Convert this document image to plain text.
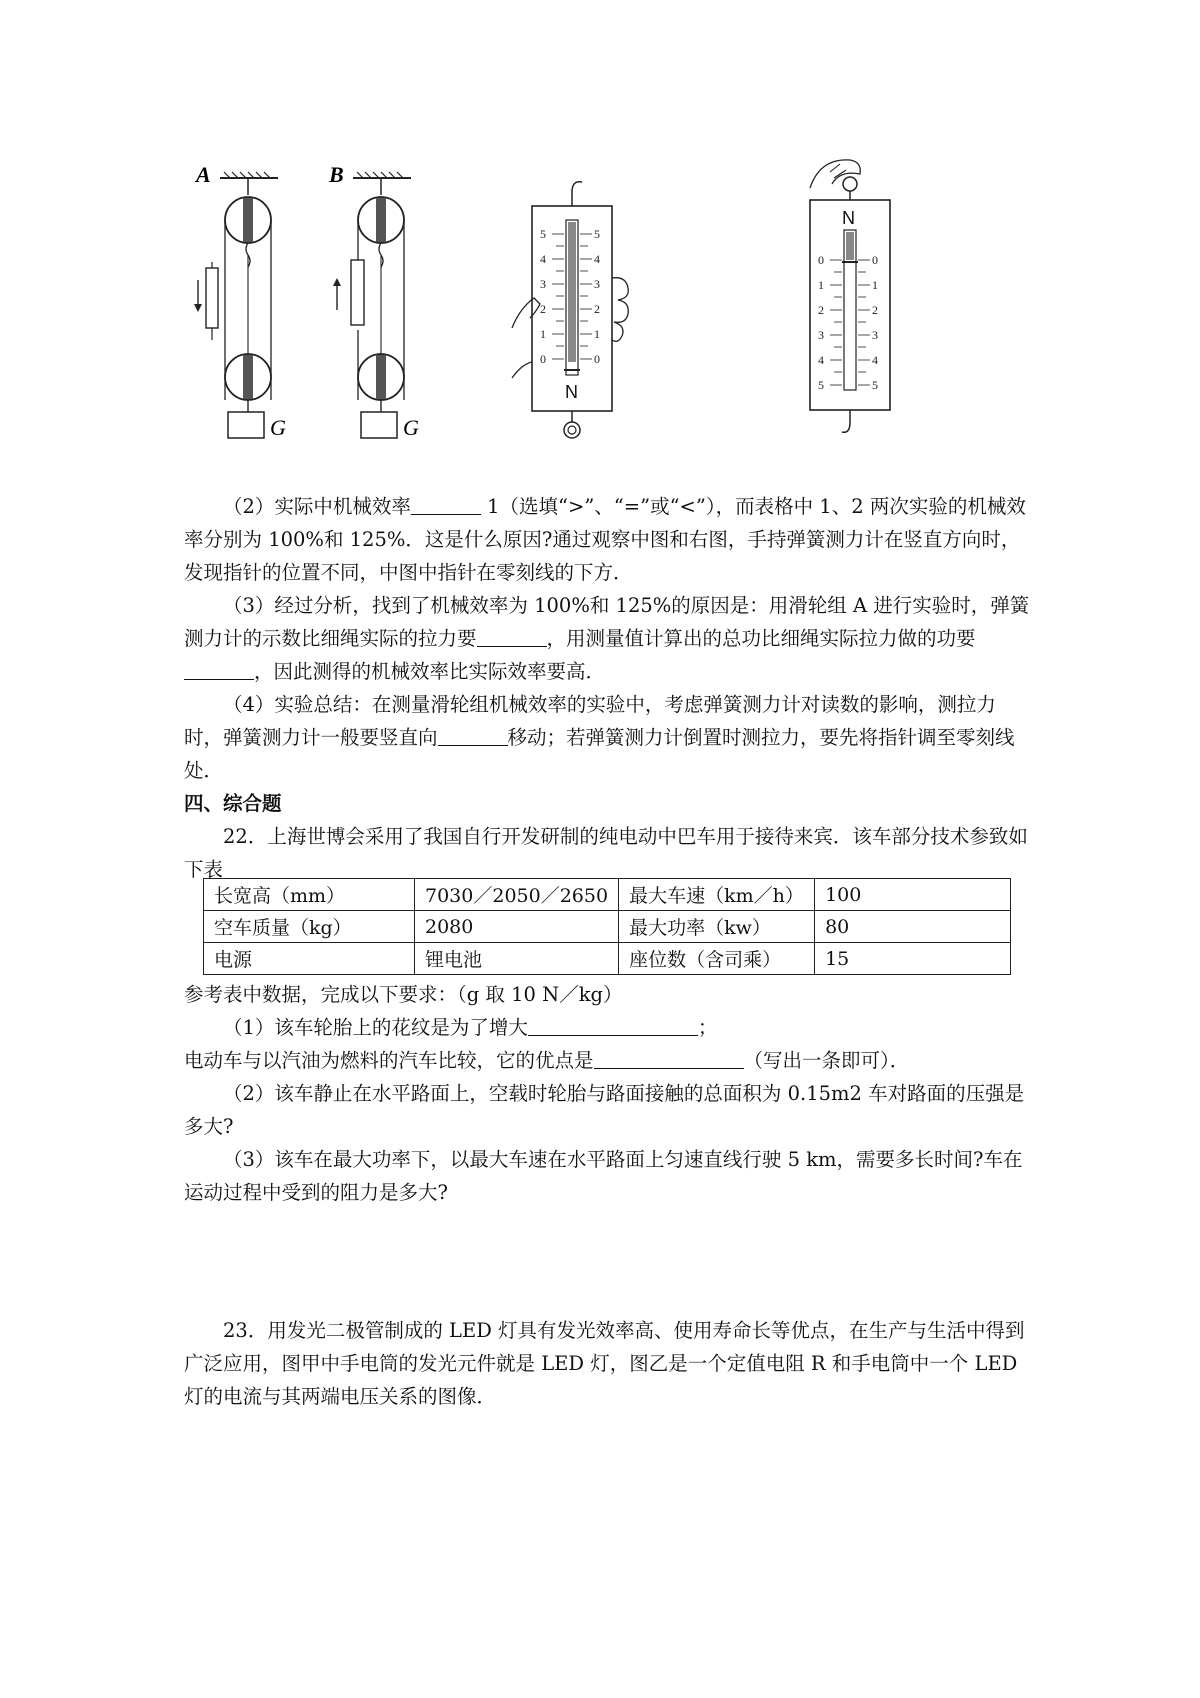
A
G
B
G
5
4
3
2
1
0
5
4
3
2
1
0
N
N
0
1
2
3
4
5
0
1
2
3
4
5

（2）实际中机械效率	1（选填“>”、“=”或“<”），而表格中 1、2 两次实验的机械效率分别为 100%和 125%．这是什么原因?通过观察中图和右图，手持弹簧测力计在竖直方向时，发现指针的位置不同，中图中指针在零刻线的下方．

（3）经过分析，找到了机械效率为 100%和 125%的原因是：用滑轮组 A 进行实验时，弹簧测力计的示数比细绳实际的拉力要	，用测量值计算出的总功比细绳实际拉力做的功要，因此测得的机械效率比实际效率要高．

（4）实验总结：在测量滑轮组机械效率的实验中，考虑弹簧测力计对读数的影响，测拉力时，弹簧测力计一般要竖直向	移动；若弹簧测力计倒置时测拉力，要先将指针调至零刻线处．

四、综合题

22．上海世博会采用了我国自行开发研制的纯电动中巴车用于接待来宾．该车部分技术参致如下表

长宽高（mm）	7030／2050／2650	最大车速（km／h）	100
空车质量（kg）	2080	最大功率（kw）	80
电源	锂电池	座位数（含司乘）	15

参考表中数据，完成以下要求：（g 取 10 N／kg）

（1）该车轮胎上的花纹是为了增大	；

电动车与以汽油为燃料的汽车比较，它的优点是	（写出一条即可）．

（2）该车静止在水平路面上，空载时轮胎与路面接触的总面积为 0.15m2 车对路面的压强是多大?

（3）该车在最大功率下，以最大车速在水平路面上匀速直线行驶 5 km，需要多长时间?车在运动过程中受到的阻力是多大?

23．用发光二极管制成的 LED 灯具有发光效率高、使用寿命长等优点，在生产与生活中得到广泛应用，图甲中手电筒的发光元件就是 LED 灯，图乙是一个定值电阻 R 和手电筒中一个 LED 灯的电流与其两端电压关系的图像．
